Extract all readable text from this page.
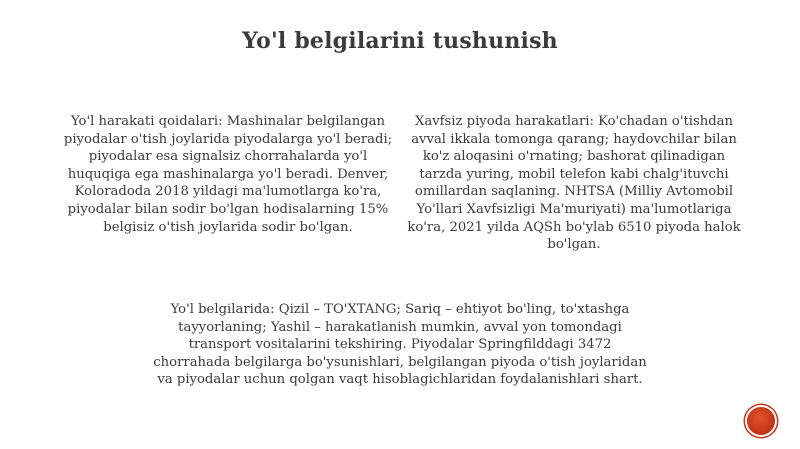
Yo'l belgilarini tushunish
Yo'l harakati qoidalari: Mashinalar belgilangan piyodalar o'tish joylarida piyodalarga yo'l beradi; piyodalar esa signalsiz chorrahalarda yo'l huquqiga ega mashinalarga yo'l beradi. Denver, Koloradoda 2018 yildagi ma'lumotlarga ko'ra, piyodalar bilan sodir bo'lgan hodisalarning 15% belgisiz o'tish joylarida sodir bo'lgan.
Xavfsiz piyoda harakatlari: Ko'chadan o'tishdan avval ikkala tomonga qarang; haydovchilar bilan ko'z aloqasini o'rnating; bashorat qilinadigan tarzda yuring, mobil telefon kabi chalg'ituvchi omillardan saqlaning. NHTSA (Milliy Avtomobil Yo'llari Xavfsizligi Ma'muriyati) ma'lumotlariga ko'ra, 2021 yilda AQSh bo'ylab 6510 piyoda halok bo'lgan.
Yo'l belgilarida: Qizil – TO'XTANG; Sariq – ehtiyot bo'ling, to'xtashga tayyorlaning; Yashil – harakatlanish mumkin, avval yon tomondagi transport vositalarini tekshiring. Piyodalar Springfilddagi 3472 chorrahada belgilarga bo'ysunishlari, belgilangan piyoda o'tish joylaridan va piyodalar uchun qolgan vaqt hisoblagichlaridan foydalanishlari shart.
